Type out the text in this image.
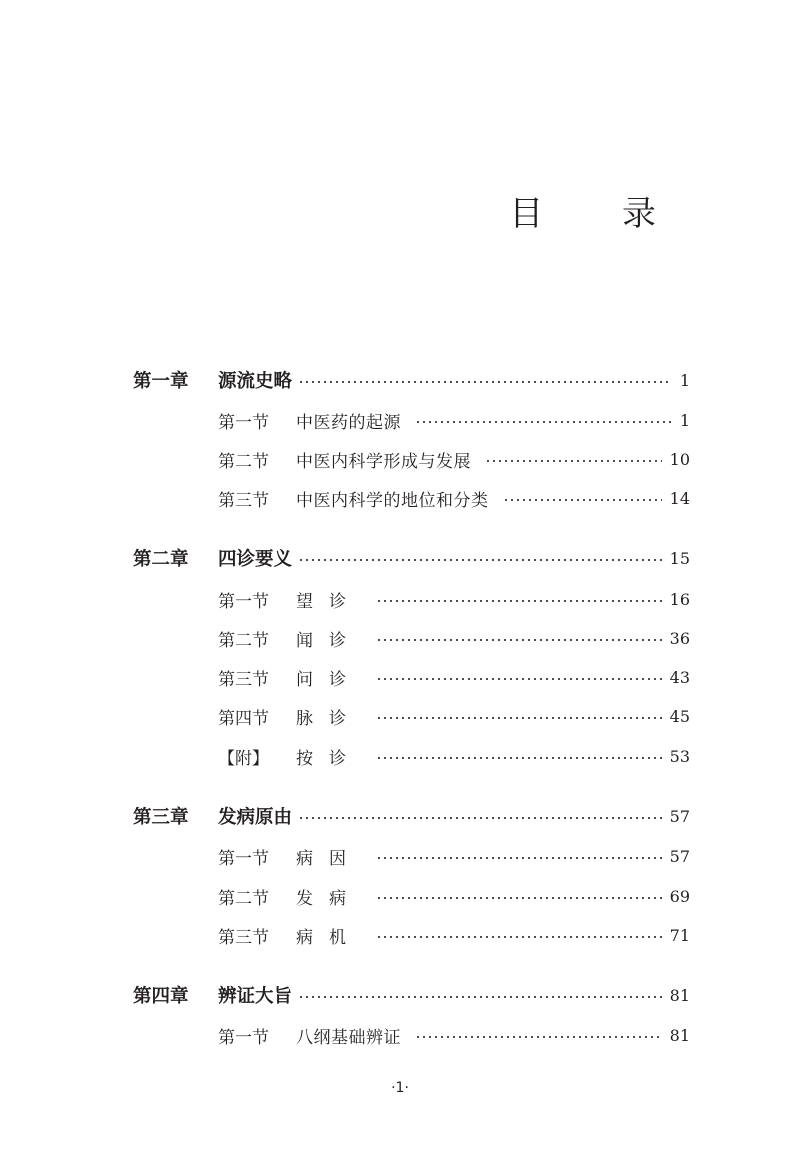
目 录
第一章 源流史略	1
第一节 中医药的起源	1
第二节 中医内科学形成与发展	10
第三节 中医内科学的地位和分类	14
第二章 四诊要义	15
第一节 望诊	16
第二节 闻诊	36
第三节 问诊	43
第四节 脉诊	45
【附】 按诊	53
第三章 发病原由	57
第一节 病因	57
第二节 发病	69
第三节 病机	71
第四章 辨证大旨	81
第一节 八纲基础辨证	81
·1·
